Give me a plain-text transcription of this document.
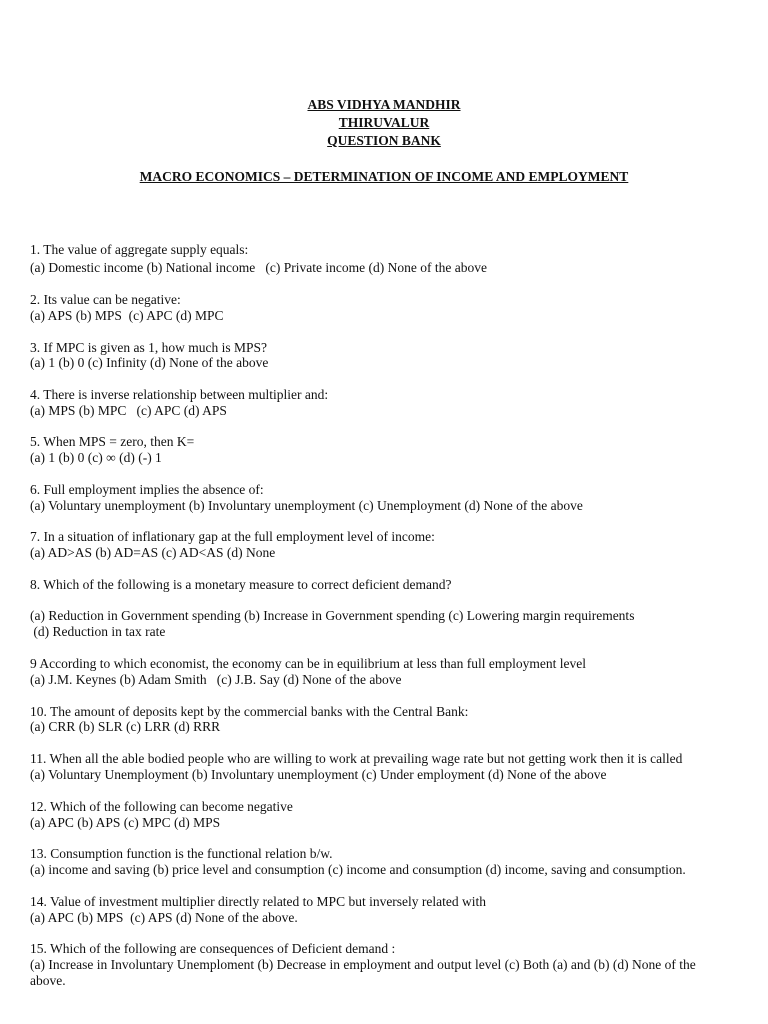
ABS VIDHYA MANDHIR
THIRUVALUR
QUESTION BANK
MACRO ECONOMICS – DETERMINATION OF INCOME AND EMPLOYMENT
1. The value of aggregate supply equals:
(a) Domestic income (b) National income   (c) Private income (d) None of the above
2. Its value can be negative:
(a) APS (b) MPS  (c) APC (d) MPC
3. If MPC is given as 1, how much is MPS?
(a) 1 (b) 0 (c) Infinity (d) None of the above
4. There is inverse relationship between multiplier and:
(a) MPS (b) MPC   (c) APC (d) APS
5. When MPS = zero, then K=
(a) 1 (b) 0 (c) ∞ (d) (-) 1
6. Full employment implies the absence of:
(a) Voluntary unemployment (b) Involuntary unemployment (c) Unemployment (d) None of the above
7. In a situation of inflationary gap at the full employment level of income:
(a) AD>AS (b) AD=AS (c) AD<AS (d) None
8. Which of the following is a monetary measure to correct deficient demand?
(a) Reduction in Government spending (b) Increase in Government spending (c) Lowering margin requirements
(d) Reduction in tax rate
9 According to which economist, the economy can be in equilibrium at less than full employment level
(a) J.M. Keynes (b) Adam Smith   (c) J.B. Say (d) None of the above
10. The amount of deposits kept by the commercial banks with the Central Bank:
(a) CRR (b) SLR (c) LRR (d) RRR
11. When all the able bodied people who are willing to work at prevailing wage rate but not getting work then it is called
(a) Voluntary Unemployment (b) Involuntary unemployment (c) Under employment (d) None of the above
12. Which of the following can become negative
(a) APC (b) APS (c) MPC (d) MPS
13. Consumption function is the functional relation b/w.
(a) income and saving (b) price level and consumption (c) income and consumption (d) income, saving and consumption.
14. Value of investment multiplier directly related to MPC but inversely related with
(a) APC (b) MPS  (c) APS (d) None of the above.
15. Which of the following are consequences of Deficient demand :
(a) Increase in Involuntary Unemploment (b) Decrease in employment and output level (c) Both (a) and (b) (d) None of the
above.
